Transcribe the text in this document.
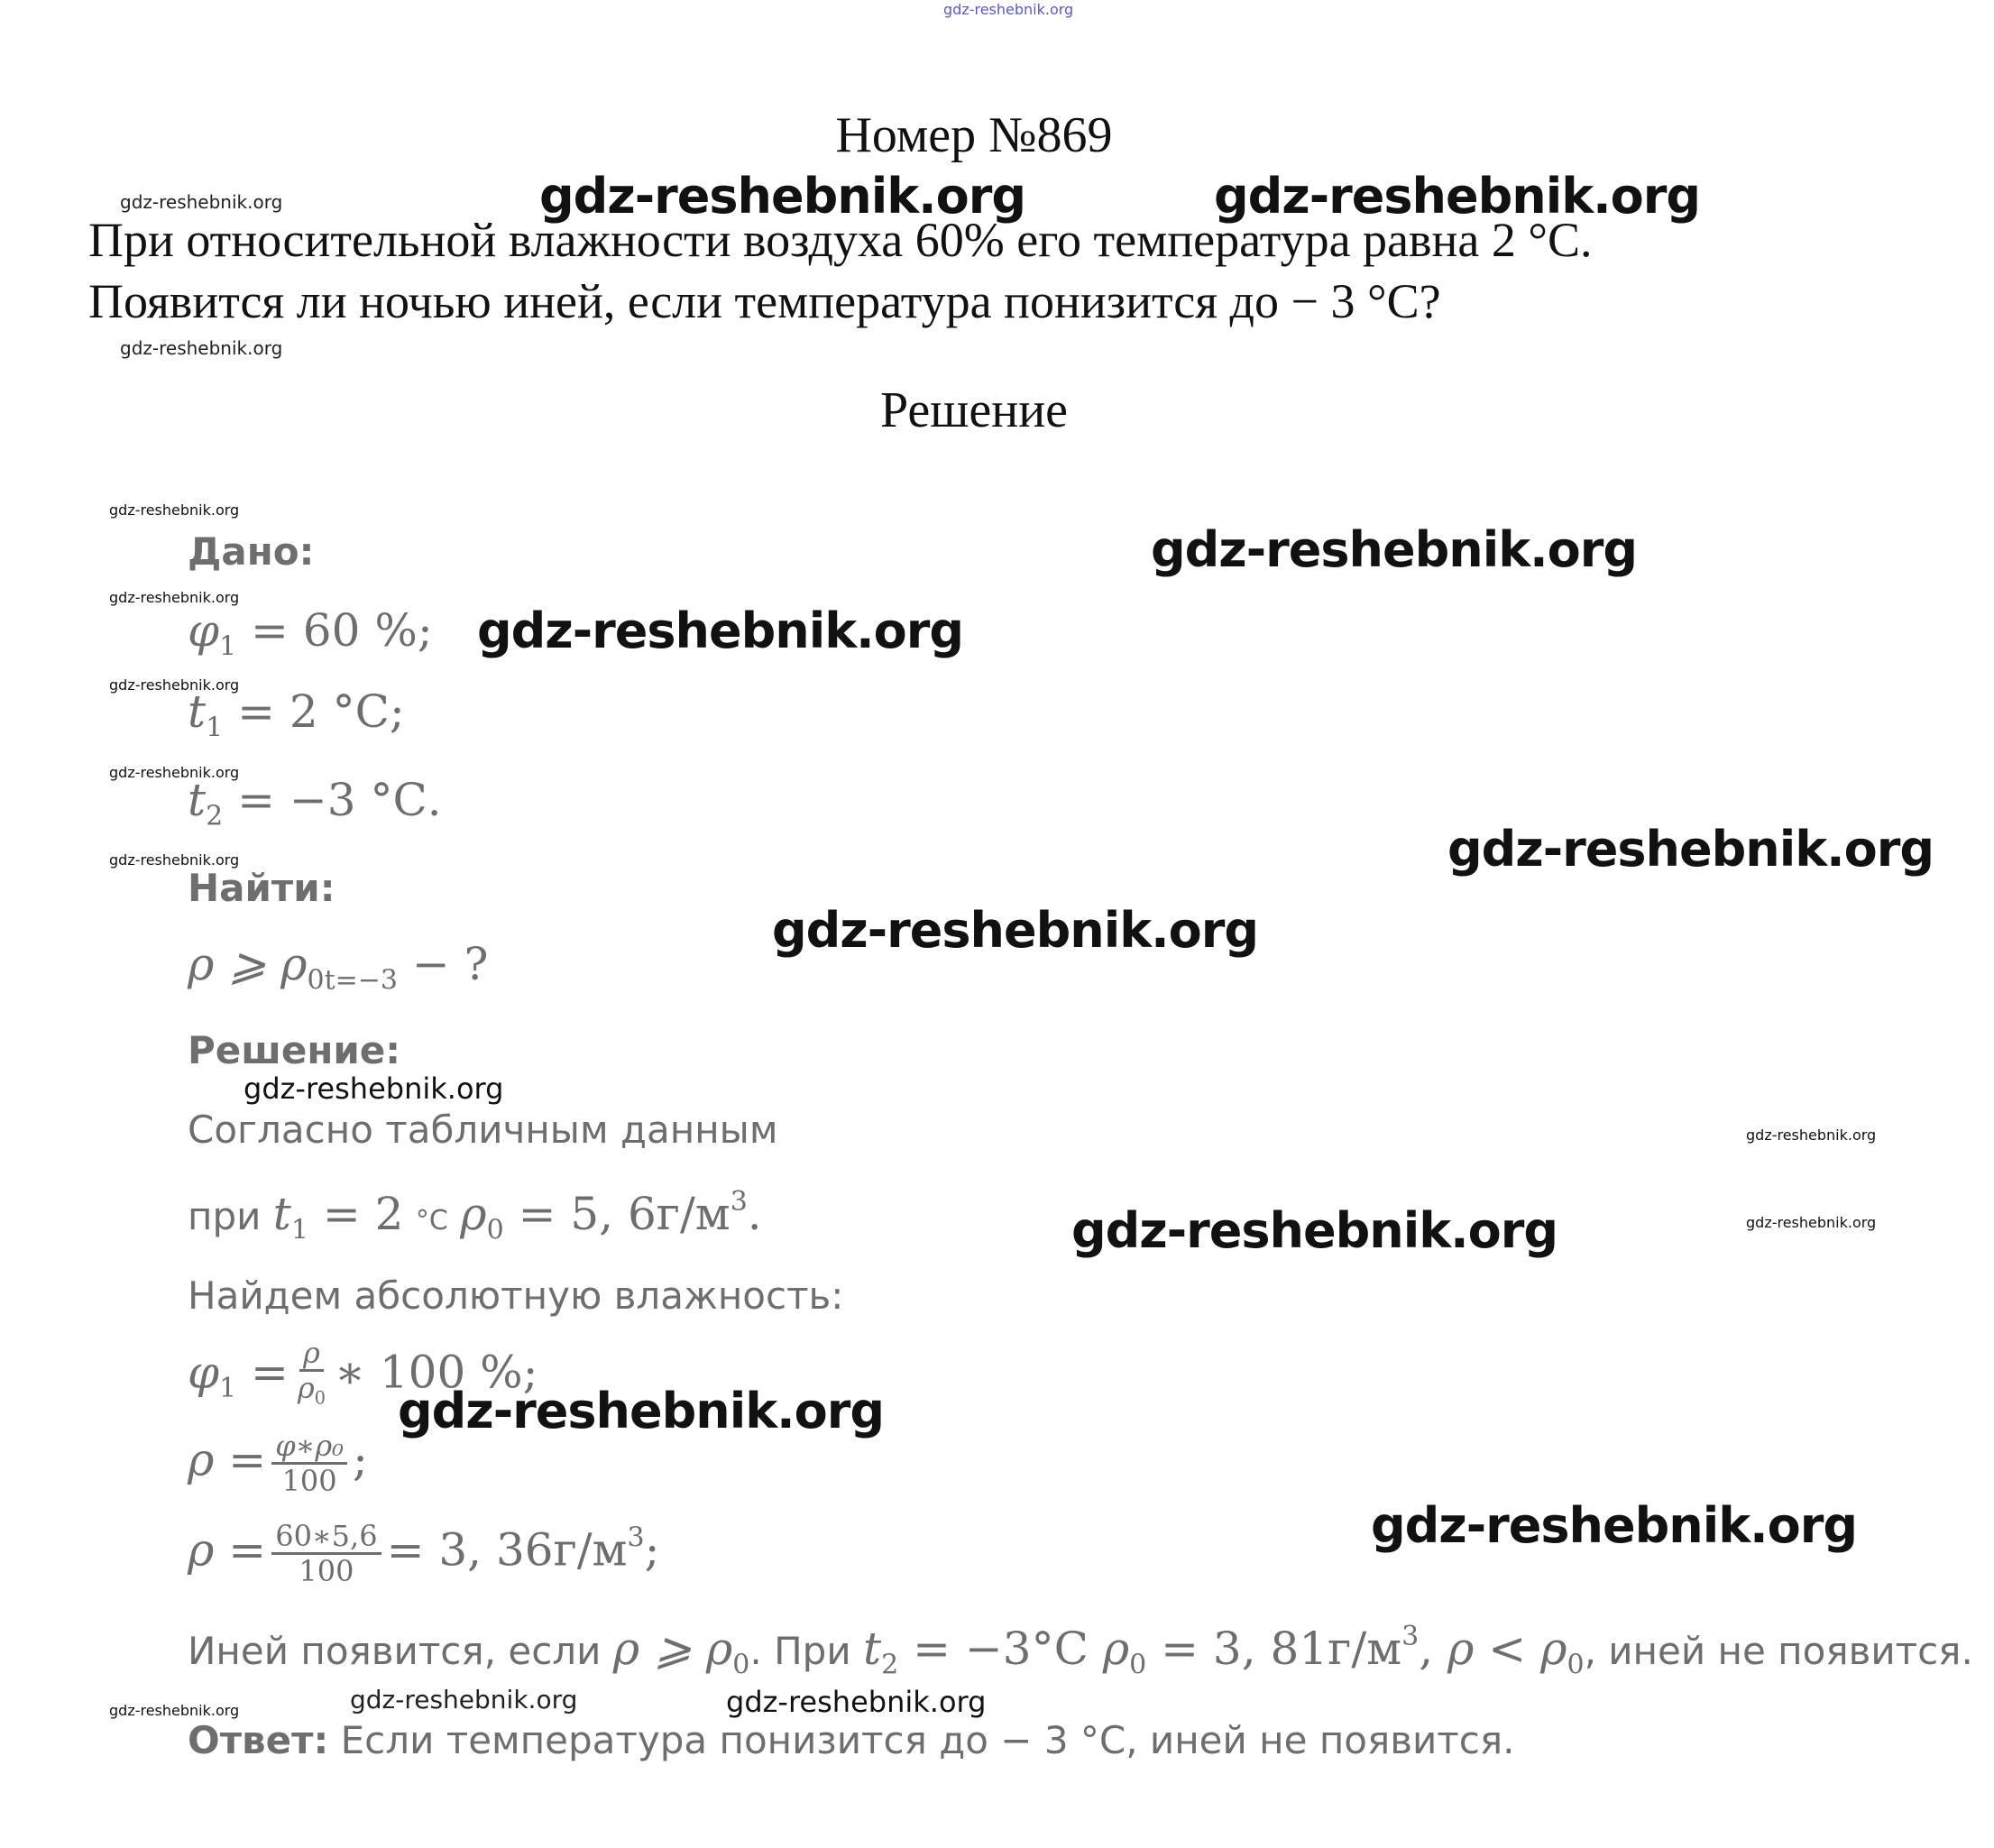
gdz-reshebnik.org
Номер №869
При относительной влажности воздуха 60% его температура равна 2 °С.
Появится ли ночью иней, если температура понизится до − 3 °С?
Решение
Дано:
$\varphi_1 = 60$ %;
$t_1 = 2$ °С;
$t_2 = -3$ °С.
Найти:
ρ ⩾ $\rho_{0t=-3}$ − ?
Решение:
Согласно табличным данным
при $t_1 = 2$ °С $\rho_0 = 5$, $6г/м^3$.
Найдем абсолютную влажность:
$\varphi_1 = \frac{\rho}{\rho_0}$ ∗ 100 %;
$\rho = \frac{\text{φ∗ρ₀}}{100}$ ;
$\rho = \frac{60∗5,6}{100} = 3$, $36г/м^3$;
Иней появится, если ρ ⩾ $\rho_0$. При $t_2 = -3^\circ С$ $\rho_0 = 3$, $81г/м^3$, $\rho < \rho_0$, иней не появится.
Ответ: Если температура понизится до − 3 °С, иней не появится.
gdz-reshebnik.org
gdz-reshebnik.org
gdz-reshebnik.org	gdz-reshebnik.org
gdz-reshebnik.org
gdz-reshebnik.org
gdz-reshebnik.org
gdz-reshebnik.org
gdz-reshebnik.org
gdz-reshebnik.org
gdz-reshebnik.org
gdz-reshebnik.org
gdz-reshebnik.org
gdz-reshebnik.org
gdz-reshebnik.org
gdz-reshebnik.org
gdz-reshebnik.org
gdz-reshebnik.org
gdz-reshebnik.org
gdz-reshebnik.org
gdz-reshebnik.org
gdz-reshebnik.org
